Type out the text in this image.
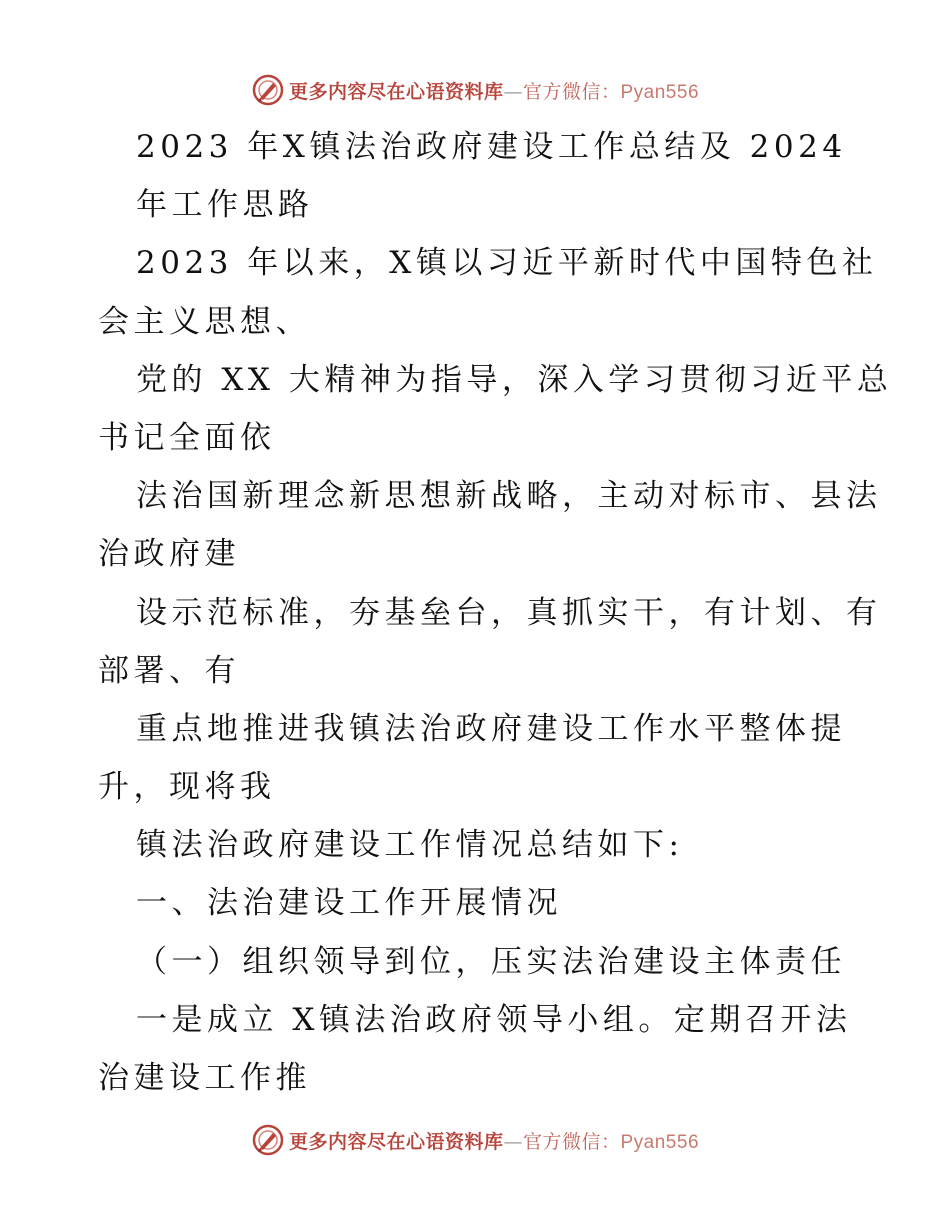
更多内容尽在心语资料库—官方微信：Pyan556
2023 年X镇法治政府建设工作总结及 2024
年工作思路
2023 年以来，X镇以习近平新时代中国特色社
会主义思想、
党的 XX 大精神为指导，深入学习贯彻习近平总
书记全面依
法治国新理念新思想新战略，主动对标市、县法
治政府建
设示范标准，夯基垒台，真抓实干，有计划、有
部署、有
重点地推进我镇法治政府建设工作水平整体提
升，现将我
镇法治政府建设工作情况总结如下:
一、法治建设工作开展情况
（一）组织领导到位，压实法治建设主体责任
一是成立 X镇法治政府领导小组。定期召开法
治建设工作推
更多内容尽在心语资料库—官方微信：Pyan556
